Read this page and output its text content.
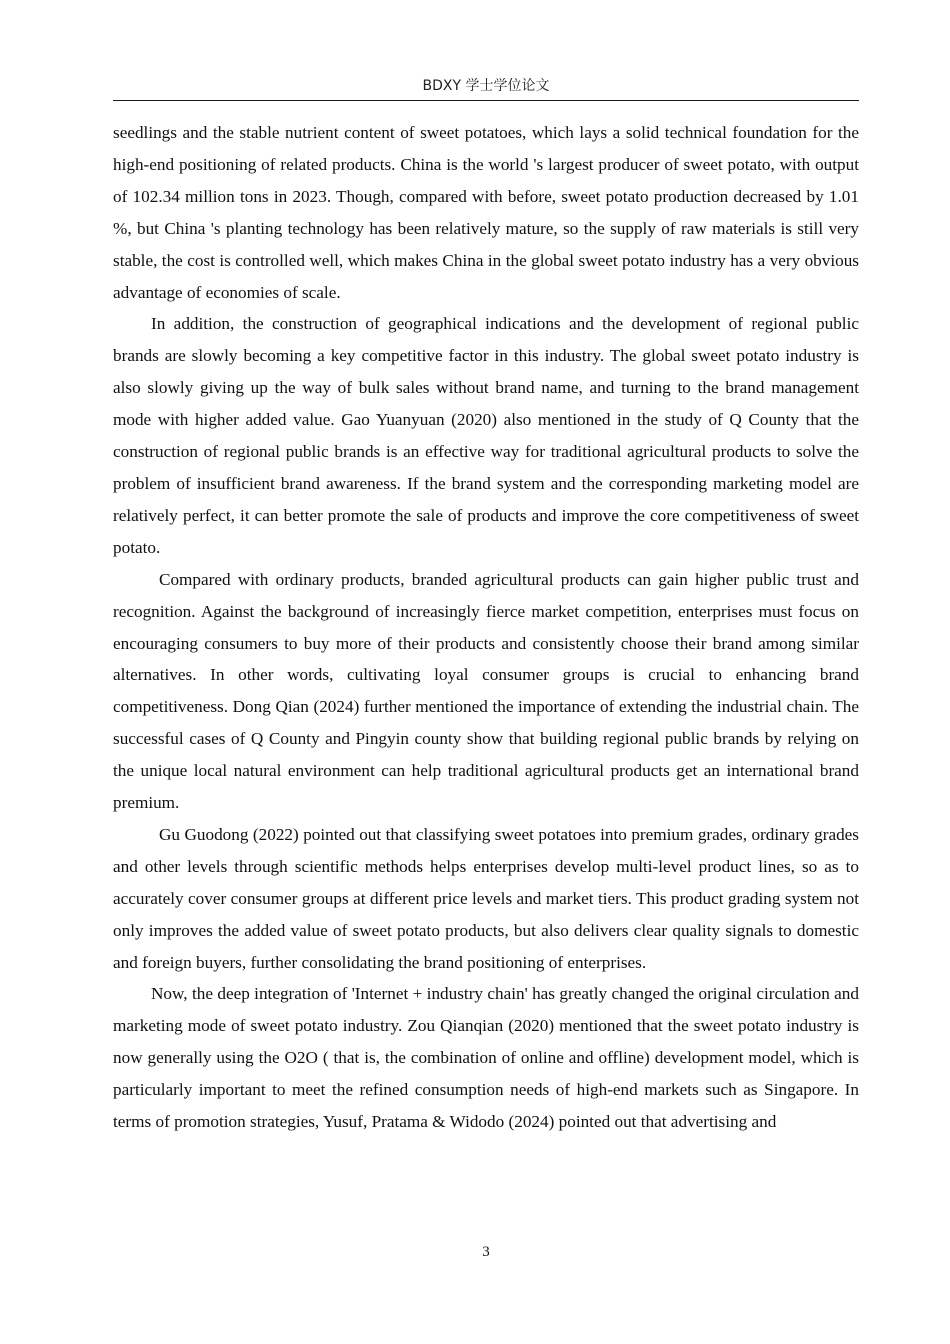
BDXY 学士学位论文

seedlings and the stable nutrient content of sweet potatoes, which lays a solid technical foundation for the high-end positioning of related products. China is the world 's largest producer of sweet potato, with output of 102.34 million tons in 2023. Though, compared with before, sweet potato production decreased by 1.01 %, but China 's planting technology has been relatively mature, so the supply of raw materials is still very stable, the cost is controlled well, which makes China in the global sweet potato industry has a very obvious advantage of economies of scale.

In addition, the construction of geographical indications and the development of regional public brands are slowly becoming a key competitive factor in this industry. The global sweet potato industry is also slowly giving up the way of bulk sales without brand name, and turning to the brand management mode with higher added value. Gao Yuanyuan (2020) also mentioned in the study of Q County that the construction of regional public brands is an effective way for traditional agricultural products to solve the problem of insufficient brand awareness. If the brand system and the corresponding marketing model are relatively perfect, it can better promote the sale of products and improve the core competitiveness of sweet potato.

Compared with ordinary products, branded agricultural products can gain higher public trust and recognition. Against the background of increasingly fierce market competition, enterprises must focus on encouraging consumers to buy more of their products and consistently choose their brand among similar alternatives. In other words, cultivating loyal consumer groups is crucial to enhancing brand competitiveness. Dong Qian (2024) further mentioned the importance of extending the industrial chain. The successful cases of Q County and Pingyin county show that building regional public brands by relying on the unique local natural environment can help traditional agricultural products get an international brand premium.

Gu Guodong (2022) pointed out that classifying sweet potatoes into premium grades, ordinary grades and other levels through scientific methods helps enterprises develop multi-level product lines, so as to accurately cover consumer groups at different price levels and market tiers. This product grading system not only improves the added value of sweet potato products, but also delivers clear quality signals to domestic and foreign buyers, further consolidating the brand positioning of enterprises.

Now, the deep integration of 'Internet + industry chain' has greatly changed the original circulation and marketing mode of sweet potato industry. Zou Qianqian (2020) mentioned that the sweet potato industry is now generally using the O2O ( that is, the combination of online and offline) development model, which is particularly important to meet the refined consumption needs of high-end markets such as Singapore. In terms of promotion strategies, Yusuf, Pratama & Widodo (2024) pointed out that advertising and

3
